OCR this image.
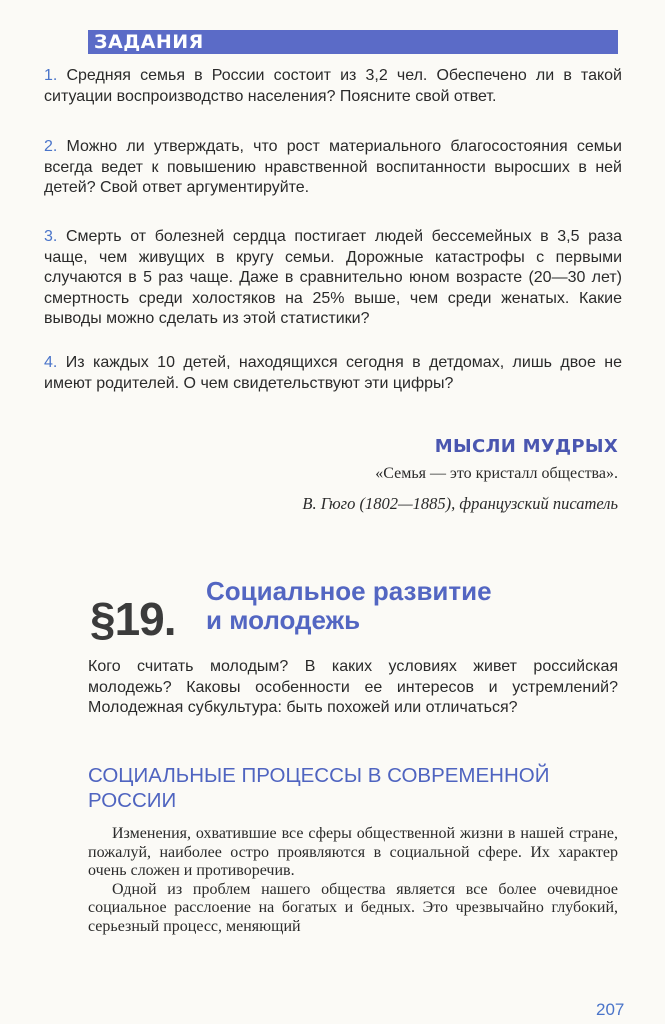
ЗАДАНИЯ
1. Средняя семья в России состоит из 3,2 чел. Обеспечено ли в такой ситуации воспроизводство населения? Поясните свой ответ.
2. Можно ли утверждать, что рост материального благосостояния семьи всегда ведет к повышению нравственной воспитанности выросших в ней детей? Свой ответ аргументируйте.
3. Смерть от болезней сердца постигает людей бессемейных в 3,5 раза чаще, чем живущих в кругу семьи. Дорожные катастрофы с первыми случаются в 5 раз чаще. Даже в сравнительно юном возрасте (20—30 лет) смертность среди холостяков на 25% выше, чем среди женатых. Какие выводы можно сделать из этой статистики?
4. Из каждых 10 детей, находящихся сегодня в детдомах, лишь двое не имеют родителей. О чем свидетельствуют эти цифры?
МЫСЛИ МУДРЫХ
«Семья — это кристалл общества».
В. Гюго (1802—1885), французский писатель
§19.
Социальное развитие
и молодежь
Кого считать молодым? В каких условиях живет российская молодежь? Каковы особенности ее интересов и устремлений? Молодежная субкультура: быть похожей или отличаться?
СОЦИАЛЬНЫЕ ПРОЦЕССЫ В СОВРЕМЕННОЙ РОССИИ

Изменения, охватившие все сферы общественной жизни в нашей стране, пожалуй, наиболее остро проявляются в социальной сфере. Их характер очень сложен и противоречив.

Одной из проблем нашего общества является все более очевидное социальное расслоение на богатых и бедных. Это чрезвычайно глубокий, серьезный процесс, меняющий

207
